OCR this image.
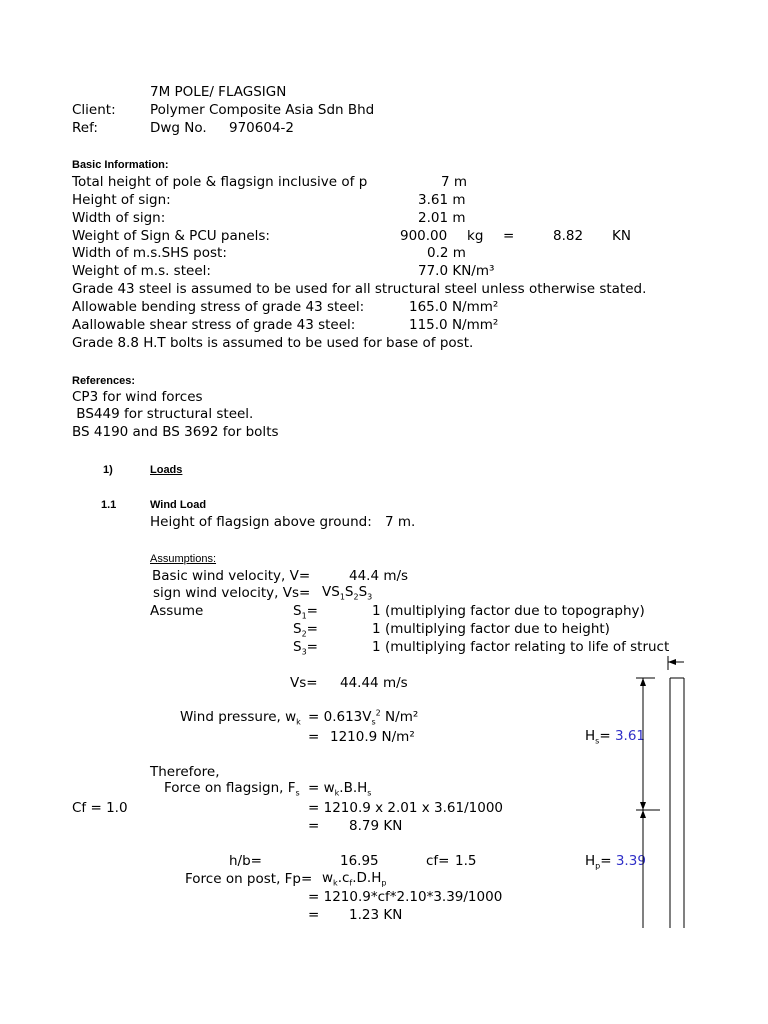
7M POLE/ FLAGSIGN
Client:	Polymer Composite Asia Sdn Bhd
Ref:	Dwg No. 970604-2
Basic Information:
Total height of pole & flagsign inclusive of p	7 m
Height of sign:	3.61 m
Width of sign:	2.01 m
Weight of Sign & PCU panels:	900.00 kg =	8.82 KN
Width of m.s.SHS post:	0.2 m
Weight of m.s. steel:	77.0 KN/m³
Grade 43 steel is assumed to be used for all structural steel unless otherwise stated.
Allowable bending stress of grade 43 steel:	165.0 N/mm²
Aallowable shear stress of grade 43 steel:	115.0 N/mm²
Grade 8.8 H.T bolts is assumed to be used for base of post.
References:
CP3 for wind forces
BS449 for structural steel.
BS 4190 and BS 3692 for bolts
1)	Loads
1.1	Wind Load
Height of flagsign above ground: 7 m.
Assumptions:
Basic wind velocity, V=	44.4 m/s
sign wind velocity, $Vs= VS_1S_2S_3$
Assume	$S_1=$	1 (multiplying factor due to topography)
$S_2=$	1 (multiplying factor due to height)
$S_3=$	1 (multiplying factor relating to life of struct
Vs= 44.44 m/s
Wind pressure, $w_k = 0.613V_s^2$ N/m²
= 1210.9 N/m²
Therefore,
Force on flagsign, $F_s = w_k.B.H_s$
Cf = 1.0	= 1210.9 x 2.01 x 3.61/1000
= 8.79 KN
h/b=	16.95	cf= 1.5
Force on post, $Fp= w_k.c_f.D.H_p$
= 1210.9*cf*2.10*3.39/1000
= 1.23 KN
$H_s= 3.61$
$H_p= 3.39$
